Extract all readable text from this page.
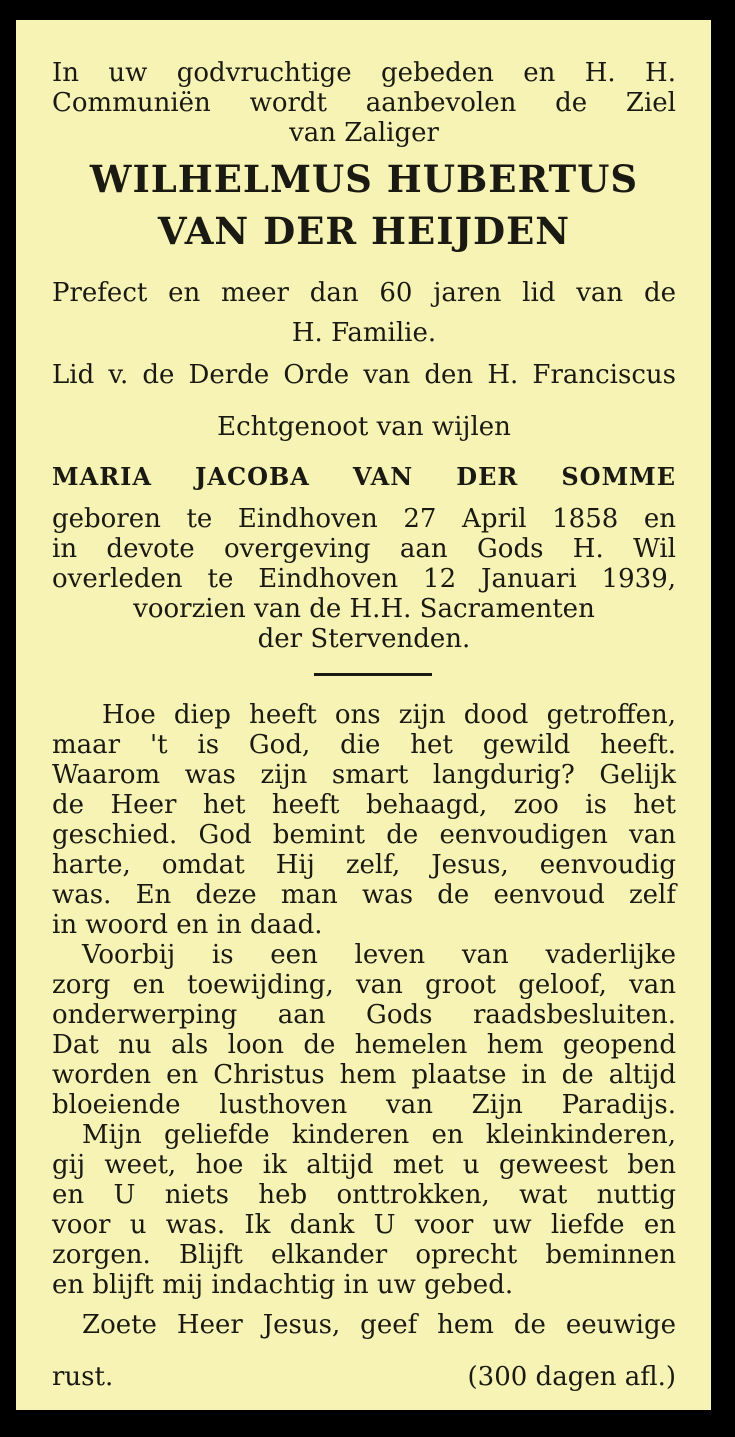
In uw godvruchtige gebeden en H. H.
Communiën wordt aanbevolen de Ziel
van Zaliger
WILHELMUS HUBERTUS
VAN DER HEIJDEN
Prefect en meer dan 60 jaren lid van de
H. Familie.
Lid v. de Derde Orde van den H. Franciscus
Echtgenoot van wijlen
MARIA JACOBA VAN DER SOMME
geboren te Eindhoven 27 April 1858 en
in devote overgeving aan Gods H. Wil
overleden te Eindhoven 12 Januari 1939,
voorzien van de H.H. Sacramenten
der Stervenden.
Hoe diep heeft ons zijn dood getroffen,
maar 't is God, die het gewild heeft.
Waarom was zijn smart langdurig? Gelijk
de Heer het heeft behaagd, zoo is het
geschied. God bemint de eenvoudigen van
harte, omdat Hij zelf, Jesus, eenvoudig
was. En deze man was de eenvoud zelf
in woord en in daad.
Voorbij is een leven van vaderlijke
zorg en toewijding, van groot geloof, van
onderwerping aan Gods raadsbesluiten.
Dat nu als loon de hemelen hem geopend
worden en Christus hem plaatse in de altijd
bloeiende lusthoven van Zijn Paradijs.
Mijn geliefde kinderen en kleinkinderen,
gij weet, hoe ik altijd met u geweest ben
en U niets heb onttrokken, wat nuttig
voor u was. Ik dank U voor uw liefde en
zorgen. Blijft elkander oprecht beminnen
en blijft mij indachtig in uw gebed.
Zoete Heer Jesus, geef hem de eeuwige
rust.	(300 dagen afl.)
